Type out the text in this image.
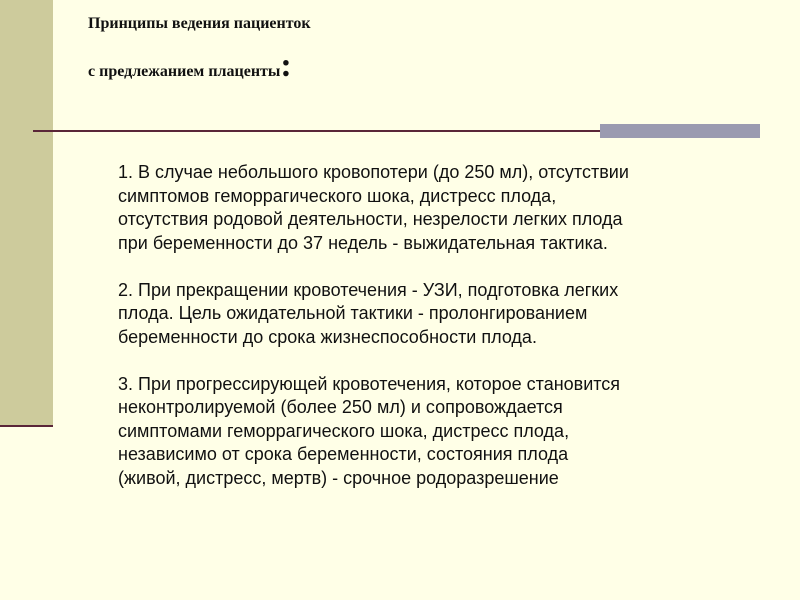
Принципы ведения пациенток
с предлежанием плаценты:
1. В случае небольшого кровопотери (до 250 мл), отсутствии
симптомов геморрагического шока, дистресс плода,
отсутствия родовой деятельности, незрелости легких плода
при беременности до 37 недель - выжидательная тактика.
2. При прекращении кровотечения - УЗИ, подготовка легких
плода. Цель ожидательной тактики - пролонгированием
беременности до срока жизнеспособности плода.
3. При прогрессирующей кровотечения, которое становится
неконтролируемой (более 250 мл) и сопровождается
симптомами геморрагического шока, дистресс плода,
независимо от срока беременности, состояния плода
(живой, дистресс, мертв) - срочное родоразрешение
